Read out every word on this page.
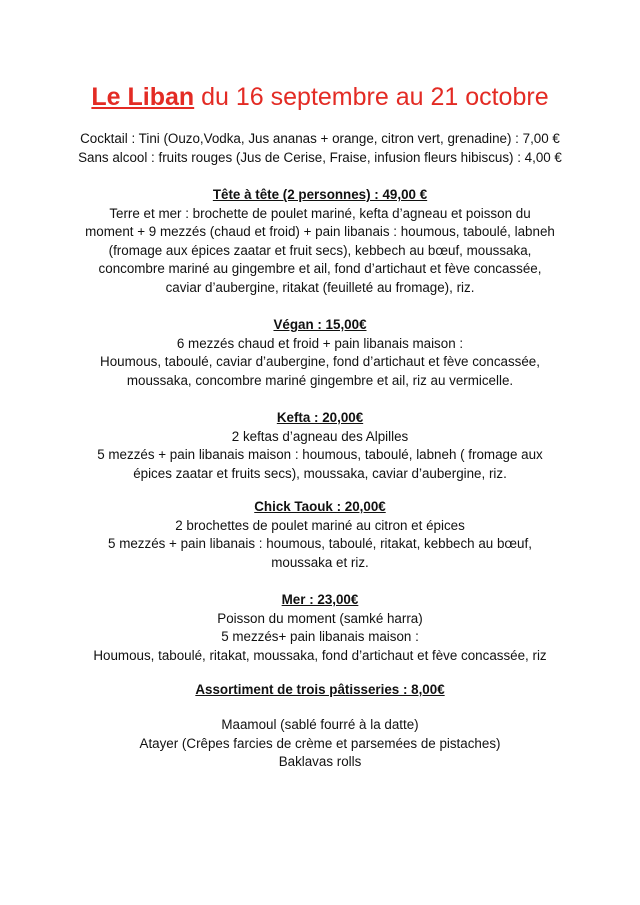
Le Liban du 16 septembre au 21 octobre
Cocktail : Tini (Ouzo,Vodka, Jus ananas + orange, citron vert, grenadine) : 7,00 €
Sans alcool : fruits rouges (Jus de Cerise, Fraise, infusion fleurs hibiscus) : 4,00 €
Tête à tête (2 personnes) : 49,00 €
Terre et mer : brochette de poulet mariné, kefta d’agneau et poisson du
moment + 9 mezzés (chaud et froid) + pain libanais : houmous, taboulé, labneh
(fromage aux épices zaatar et fruit secs), kebbech au bœuf, moussaka,
concombre mariné au gingembre et ail, fond d’artichaut et fève concassée,
caviar d’aubergine, ritakat (feuilleté au fromage), riz.
Végan : 15,00€
6 mezzés chaud et froid + pain libanais maison :
Houmous, taboulé, caviar d’aubergine, fond d’artichaut et fève concassée,
moussaka, concombre mariné gingembre et ail, riz au vermicelle.
Kefta : 20,00€
2 keftas d’agneau des Alpilles
5 mezzés + pain libanais maison : houmous, taboulé, labneh ( fromage aux
épices zaatar et fruits secs), moussaka, caviar d’aubergine, riz.
Chick Taouk : 20,00€
2 brochettes de poulet mariné au citron et épices
5 mezzés + pain libanais : houmous, taboulé, ritakat, kebbech au bœuf,
moussaka et riz.
Mer : 23,00€
Poisson du moment (samké harra)
5 mezzés+ pain libanais maison :
Houmous, taboulé, ritakat, moussaka, fond d’artichaut et fève concassée, riz
Assortiment de trois pâtisseries : 8,00€
Maamoul (sablé fourré à la datte)
Atayer (Crêpes farcies de crème et parsemées de pistaches)
Baklavas rolls
